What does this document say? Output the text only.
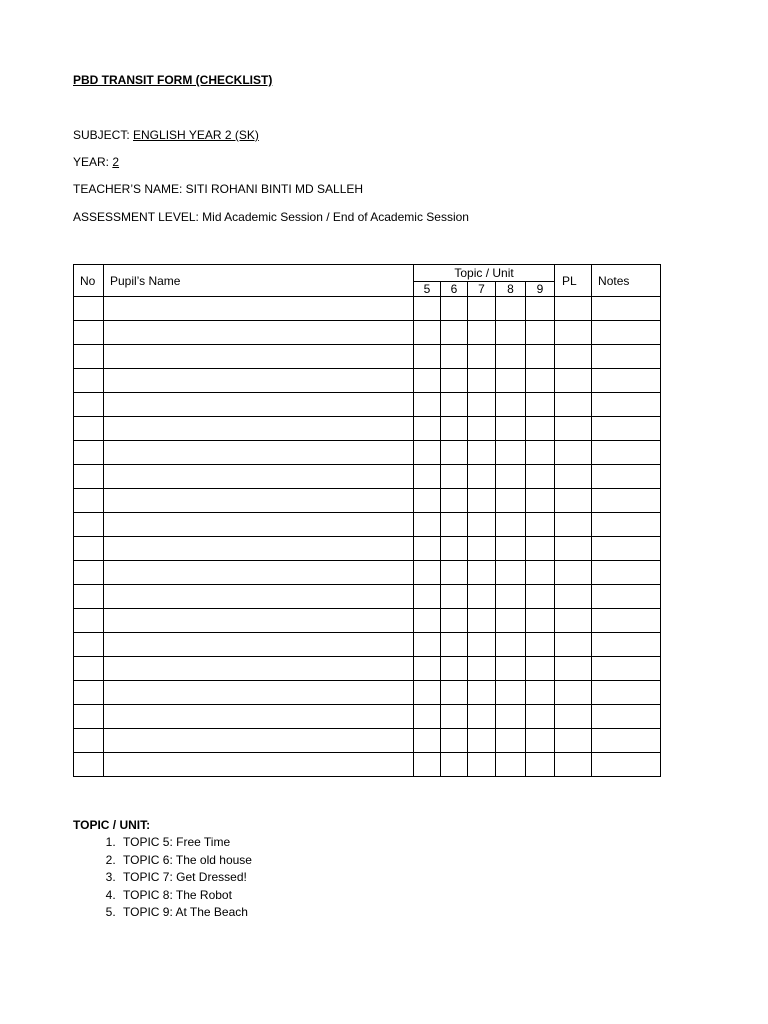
PBD TRANSIT FORM (CHECKLIST)
SUBJECT: ENGLISH YEAR 2 (SK)
YEAR: 2
TEACHER’S NAME: SITI ROHANI BINTI MD SALLEH
ASSESSMENT LEVEL: Mid Academic Session / End of Academic Session
No	Pupil’s Name	Topic / Unit					PL	Notes
		5	6	7	8	9		

TOPIC / UNIT:
1. TOPIC 5: Free Time
2. TOPIC 6: The old house
3. TOPIC 7: Get Dressed!
4. TOPIC 8: The Robot
5. TOPIC 9: At The Beach
